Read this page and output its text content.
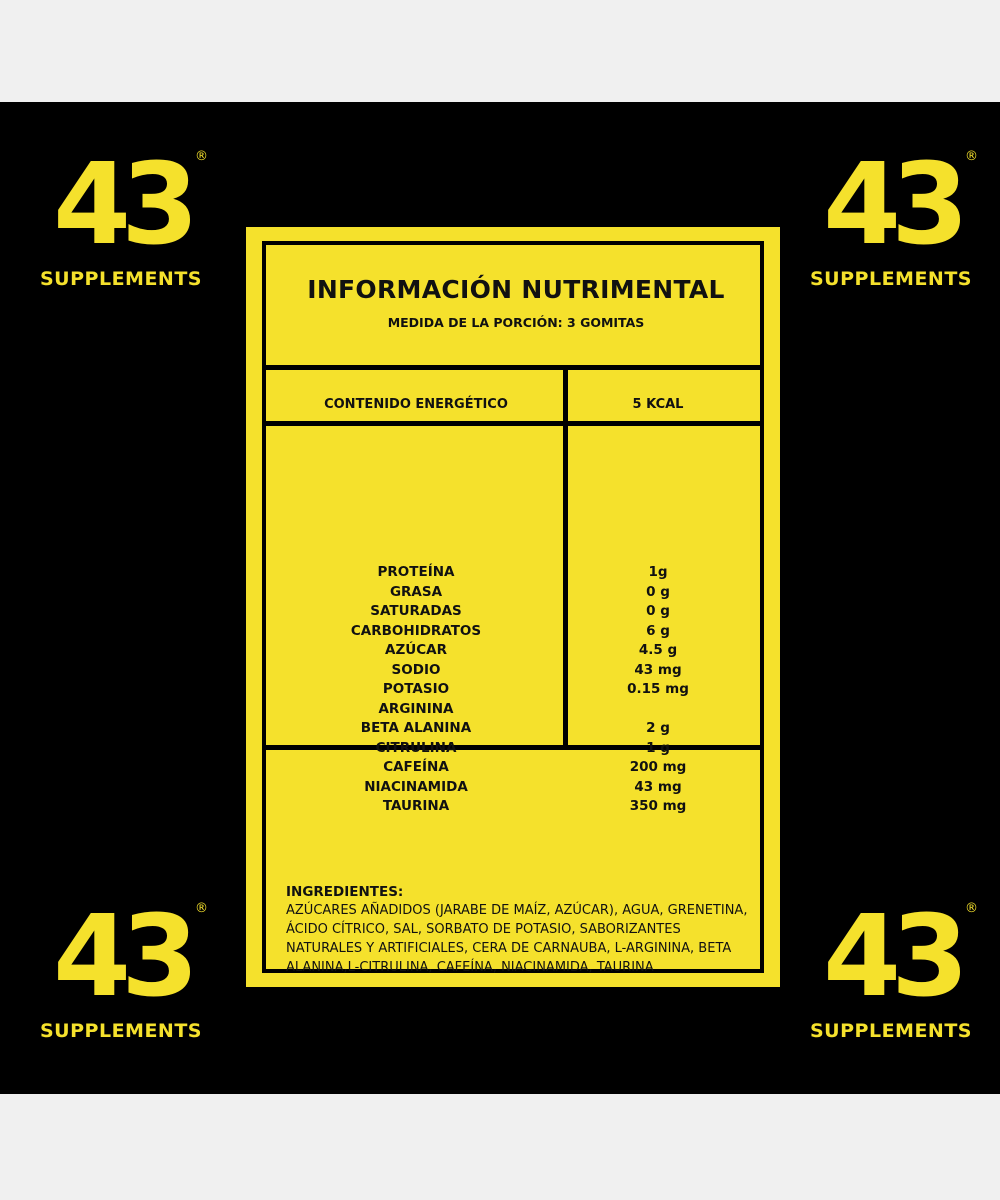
43 ®
SUPPLEMENTS
43 ®
SUPPLEMENTS
43 ®
SUPPLEMENTS
43 ®
SUPPLEMENTS
INFORMACIÓN NUTRIMENTAL
MEDIDA DE LA PORCIÓN: 3 GOMITAS
CONTENIDO ENERGÉTICO	5 KCAL
PROTEÍNA
GRASA
SATURADAS
CARBOHIDRATOS
AZÚCAR
SODIO
POTASIO
ARGININA
BETA ALANINA
CITRULINA
CAFEÍNA
NIACINAMIDA
TAURINA
1g
0 g
0 g
6 g
4.5 g
43 mg
0.15 mg
2 g
1 g
200 mg
43 mg
350 mg
INGREDIENTES:
AZÚCARES AÑADIDOS (JARABE DE MAÍZ, AZÚCAR), AGUA, GRENETINA, ÁCIDO CÍTRICO, SAL, SORBATO DE POTASIO, SABORIZANTES NATURALES Y ARTIFICIALES, CERA DE CARNAUBA, L-ARGININA, BETA ALANINA,L-CITRULINA, CAFEÍNA, NIACINAMIDA, TAURINA
